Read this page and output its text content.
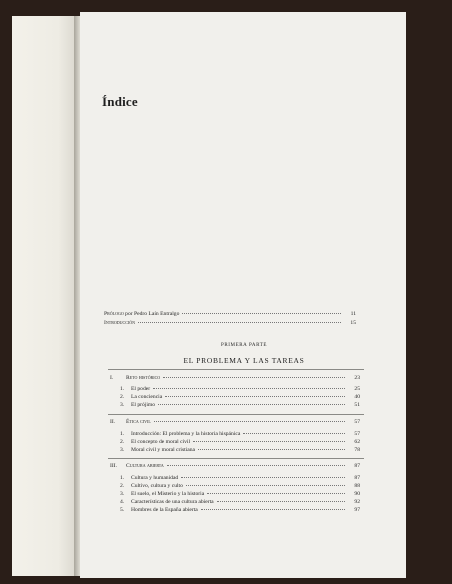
Índice
Prólogo por Pedro Laín Entralgo	11
Introducción	15
PRIMERA PARTE
EL PROBLEMA Y LAS TAREAS
I.	Reto histórico	23
1.	El poder	25
2.	La conciencia	40
3.	El prójimo	51
II.	Ética civil	57
1.	Introducción: El problema y la historia hispánica	57
2.	El concepto de moral civil	62
3.	Moral civil y moral cristiana	78
III.	Cultura abierta	87
1.	Cultura y humanidad	87
2.	Cultivo, cultura y culto	88
3.	El suelo, el Misterio y la historia	90
4.	Características de una cultura abierta	92
5.	Hombres de la España abierta	97
